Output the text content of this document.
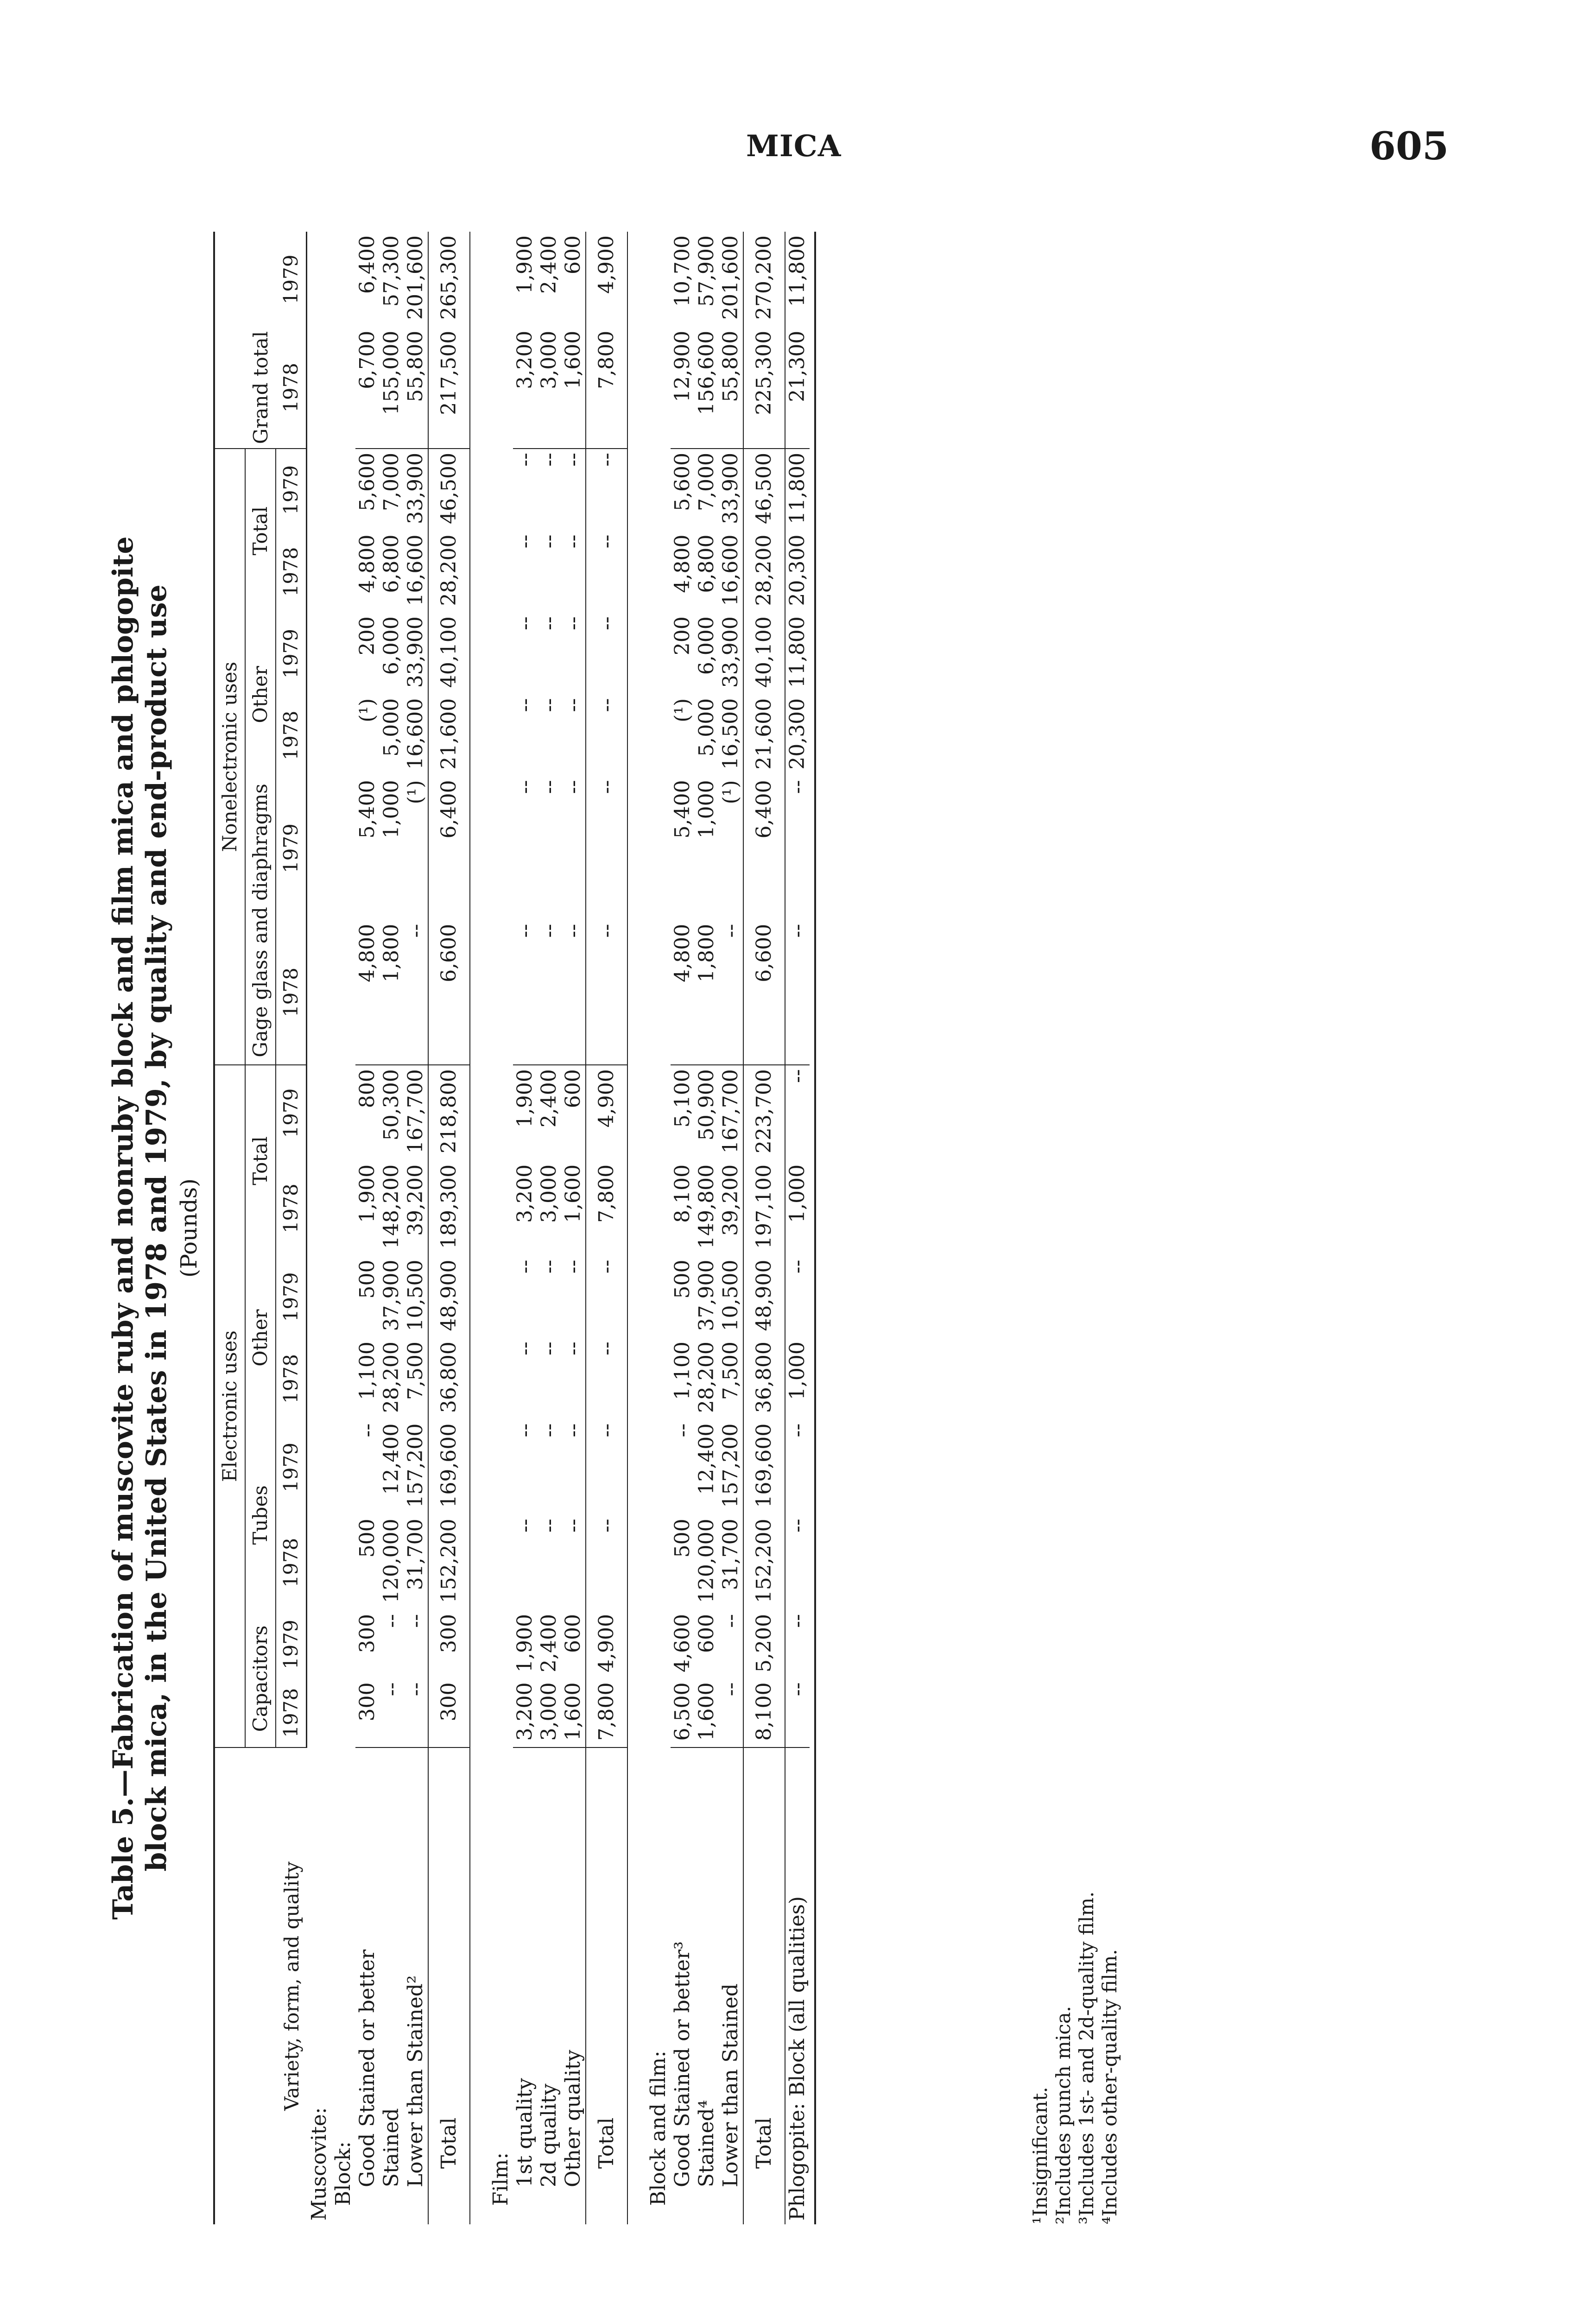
MICA	605
Table 5.—Fabrication of muscovite ruby and nonruby block and film mica and phlogopite block mica, in the United States in 1978 and 1979, by quality and end-product use (Pounds)
Variety, form, and quality	Electronic uses								Nonelectronic uses						Grand total	
	Capacitors		Tubes		Other		Total		Gage glass and diaphragms		Other		Total			
	1978	1979	1978	1979	1978	1979	1978	1979	1978	1979	1978	1979	1978	1979	1978	1979
Muscovite:																
Block:																
Good Stained or better	300	300	500	--	1,100	500	1,900	800	4,800	5,400	(¹)	200	4,800	5,600	6,700	6,400
Stained	--	--	120,000	12,400	28,200	37,900	148,200	50,300	1,800	1,000	5,000	6,000	6,800	7,000	155,000	57,300
Lower than Stained²	--	--	31,700	157,200	7,500	10,500	39,200	167,700	--	(¹)	16,600	33,900	16,600	33,900	55,800	201,600
Total	300	300	152,200	169,600	36,800	48,900	189,300	218,800	6,600	6,400	21,600	40,100	28,200	46,500	217,500	265,300

Film:																
1st quality	3,200	1,900	--	--	--	--	3,200	1,900	--	--	--	--	--	--	3,200	1,900
2d quality	3,000	2,400	--	--	--	--	3,000	2,400	--	--	--	--	--	--	3,000	2,400
Other quality	1,600	600	--	--	--	--	1,600	600	--	--	--	--	--	--	1,600	600
Total	7,800	4,900	--	--	--	--	7,800	4,900	--	--	--	--	--	--	7,800	4,900

Block and film:																
Good Stained or better³	6,500	4,600	500	--	1,100	500	8,100	5,100	4,800	5,400	(¹)	200	4,800	5,600	12,900	10,700
Stained⁴	1,600	600	120,000	12,400	28,200	37,900	149,800	50,900	1,800	1,000	5,000	6,000	6,800	7,000	156,600	57,900
Lower than Stained	--	--	31,700	157,200	7,500	10,500	39,200	167,700	--	(¹)	16,500	33,900	16,600	33,900	55,800	201,600
Total	8,100	5,200	152,200	169,600	36,800	48,900	197,100	223,700	6,600	6,400	21,600	40,100	28,200	46,500	225,300	270,200
Phlogopite: Block (all qualities)	--	--	--	--	1,000	--	1,000	--	--	--	20,300	11,800	20,300	11,800	21,300	11,800

¹Insignificant. ²Includes punch mica. ³Includes 1st- and 2d-quality film. ⁴Includes other-quality film.
